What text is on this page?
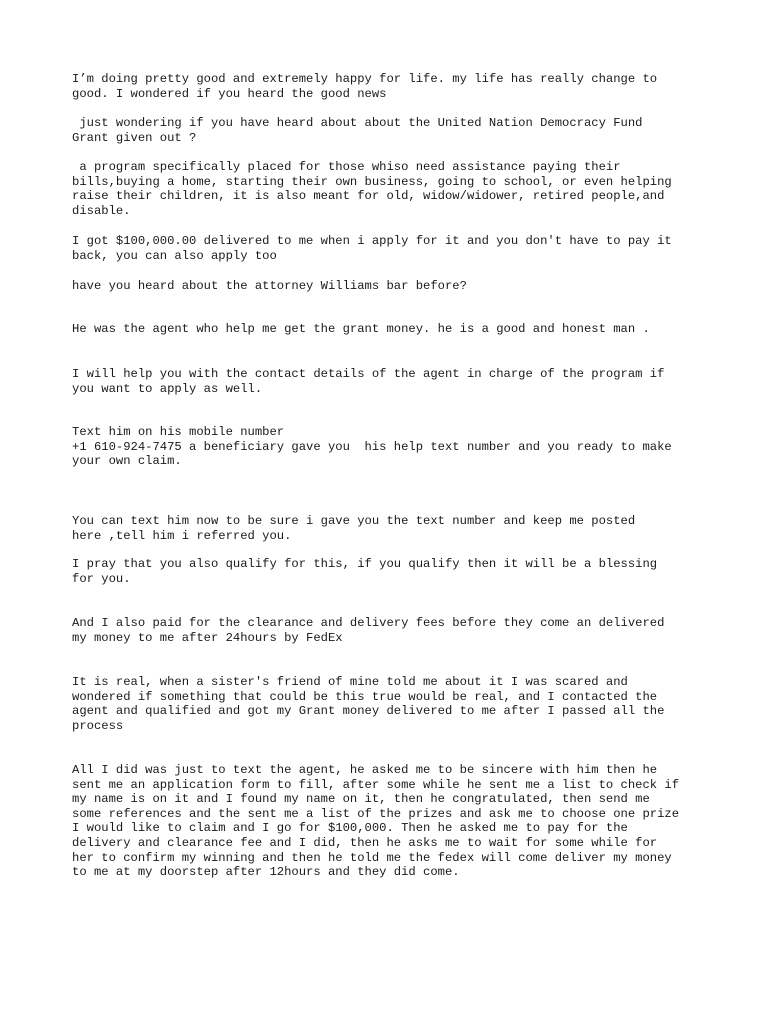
I’m doing pretty good and extremely happy for life. my life has really change to
good. I wondered if you heard the good news

just wondering if you have heard about about the United Nation Democracy Fund
Grant given out ?

a program specifically placed for those whiso need assistance paying their
bills,buying a home, starting their own business, going to school, or even helping
raise their children, it is also meant for old, widow/widower, retired people,and
disable.

I got $100,000.00 delivered to me when i apply for it and you don't have to pay it
back, you can also apply too

have you heard about the attorney Williams bar before?

He was the agent who help me get the grant money. he is a good and honest man .

I will help you with the contact details of the agent in charge of the program if
you want to apply as well.

Text him on his mobile number
+1 610-924-7475 a beneficiary gave you  his help text number and you ready to make
your own claim.

You can text him now to be sure i gave you the text number and keep me posted
here ,tell him i referred you.

I pray that you also qualify for this, if you qualify then it will be a blessing
for you.

And I also paid for the clearance and delivery fees before they come an delivered
my money to me after 24hours by FedEx

It is real, when a sister's friend of mine told me about it I was scared and
wondered if something that could be this true would be real, and I contacted the
agent and qualified and got my Grant money delivered to me after I passed all the
process

All I did was just to text the agent, he asked me to be sincere with him then he
sent me an application form to fill, after some while he sent me a list to check if
my name is on it and I found my name on it, then he congratulated, then send me
some references and the sent me a list of the prizes and ask me to choose one prize
I would like to claim and I go for $100,000. Then he asked me to pay for the
delivery and clearance fee and I did, then he asks me to wait for some while for
her to confirm my winning and then he told me the fedex will come deliver my money
to me at my doorstep after 12hours and they did come.
